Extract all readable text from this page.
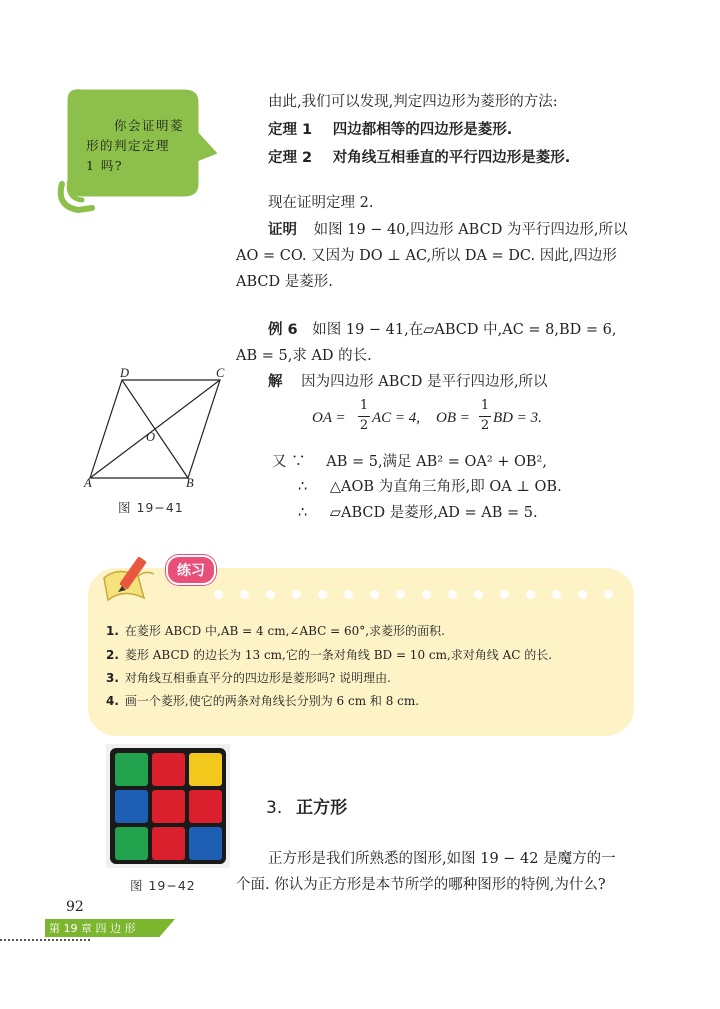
你会证明菱
形的判定定理
1 吗?
由此,我们可以发现,判定四边形为菱形的方法:
定理 1 四边都相等的四边形是菱形.
定理 2 对角线互相垂直的平行四边形是菱形.
现在证明定理 2.
证明 如图 19 − 40,四边形 ABCD 为平行四边形,所以
AO = CO. 又因为 DO ⊥ AC,所以 DA = DC. 因此,四边形
ABCD 是菱形.
例 6 如图 19 − 41,在▱ABCD 中,AC = 8,BD = 6,
AB = 5,求 AD 的长.
解 因为四边形 ABCD 是平行四边形,所以
OA =
1
2 AC = 4, OB =
1
2 BD = 3.
又 ∵ AB = 5,满足 AB² = OA² + OB²,
∴ △AOB 为直角三角形,即 OA ⊥ OB.
∴ ▱ABCD 是菱形,AD = AB = 5.
D	C
A	B
O
图 19−41
练习
1. 在菱形 ABCD 中,AB = 4 cm,∠ABC = 60°,求菱形的面积.
2. 菱形 ABCD 的边长为 13 cm,它的一条对角线 BD = 10 cm,求对角线 AC 的长.
3. 对角线互相垂直平分的四边形是菱形吗? 说明理由.
4. 画一个菱形,使它的两条对角线长分别为 6 cm 和 8 cm.
图 19−42
3. 正方形
正方形是我们所熟悉的图形,如图 19 − 42 是魔方的一
个面. 你认为正方形是本节所学的哪种图形的特例,为什么?
92
第 19 章 四 边 形
